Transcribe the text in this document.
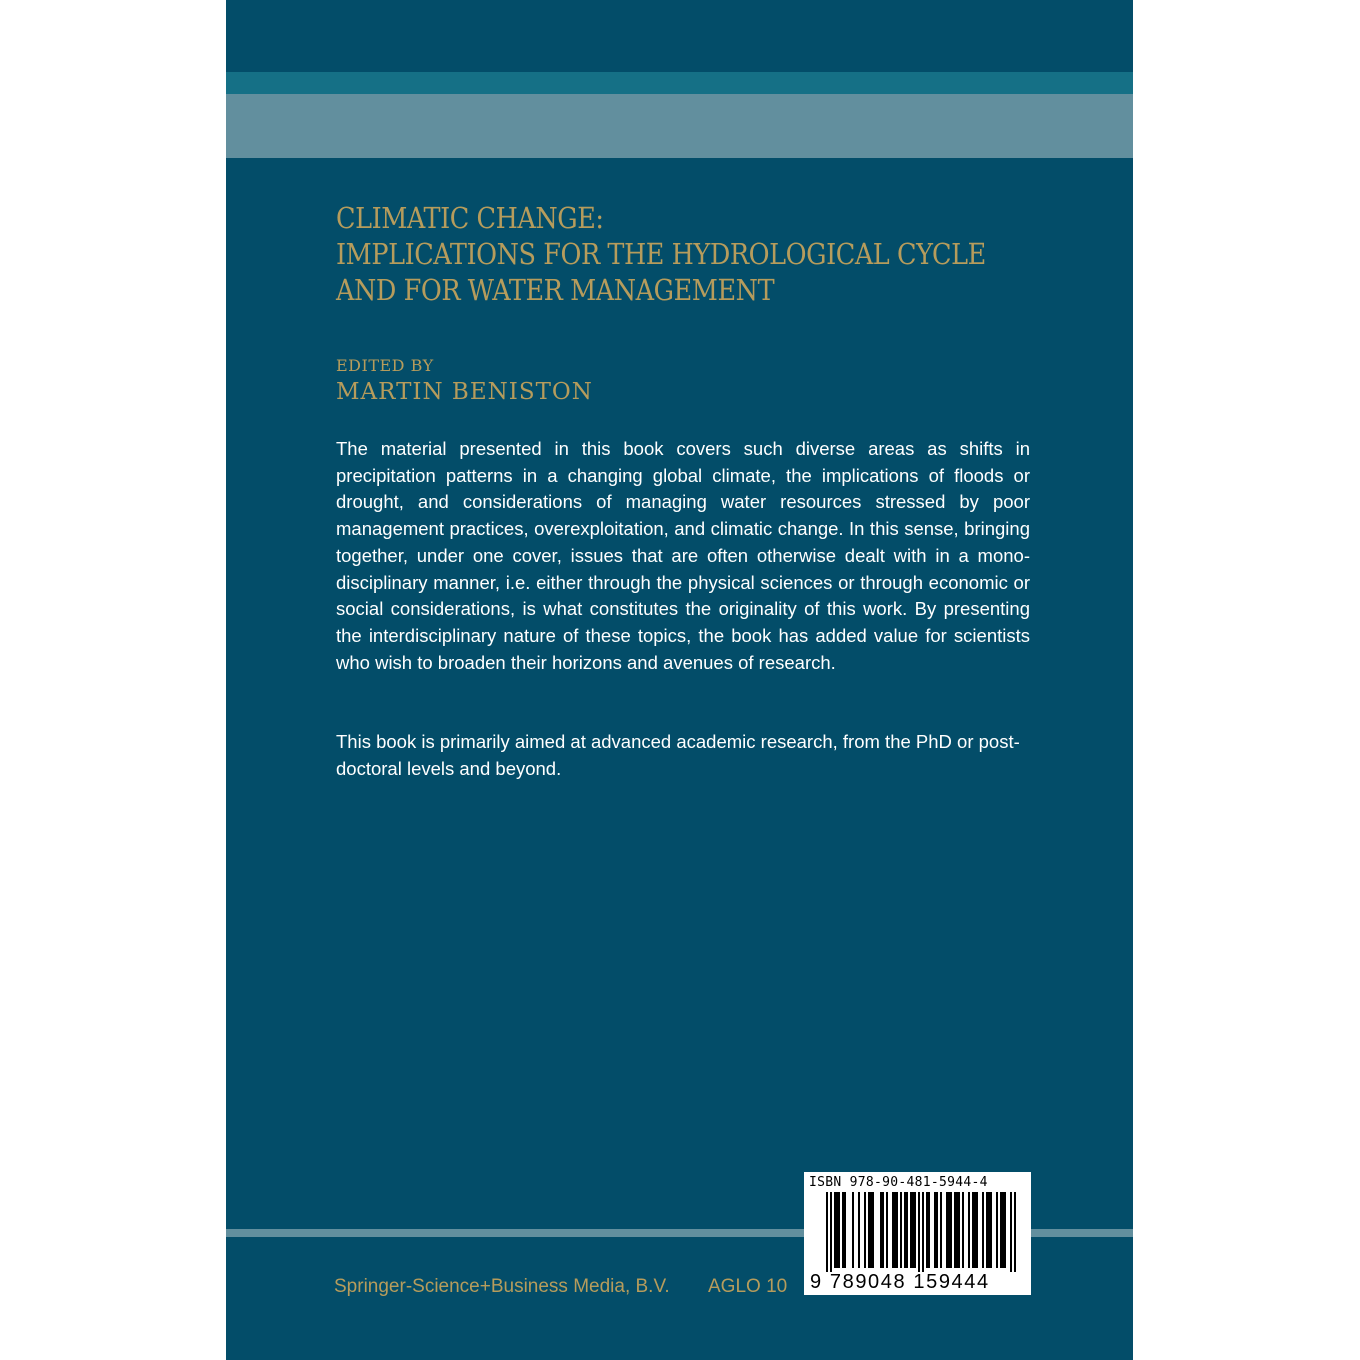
CLIMATIC CHANGE:
IMPLICATIONS FOR THE HYDROLOGICAL CYCLE
AND FOR WATER MANAGEMENT
EDITED BY
MARTIN BENISTON

The material presented in this book covers such diverse areas as shifts in precipitation patterns in a changing global climate, the implications of floods or drought, and considerations of managing water resources stressed by poor management practices, overexploitation, and climatic change. In this sense, bringing together, under one cover, issues that are often otherwise dealt with in a mono-disciplinary manner, i.e. either through the physical sciences or through economic or social considerations, is what constitutes the originality of this work. By presenting the interdisciplinary nature of these topics, the book has added value for scientists who wish to broaden their horizons and avenues of research.

This book is primarily aimed at advanced academic research, from the PhD or post-doctoral levels and beyond.

Springer-Science+Business Media, B.V. AGLO 10
ISBN 978-90-481-5944-4
9 789048 159444
